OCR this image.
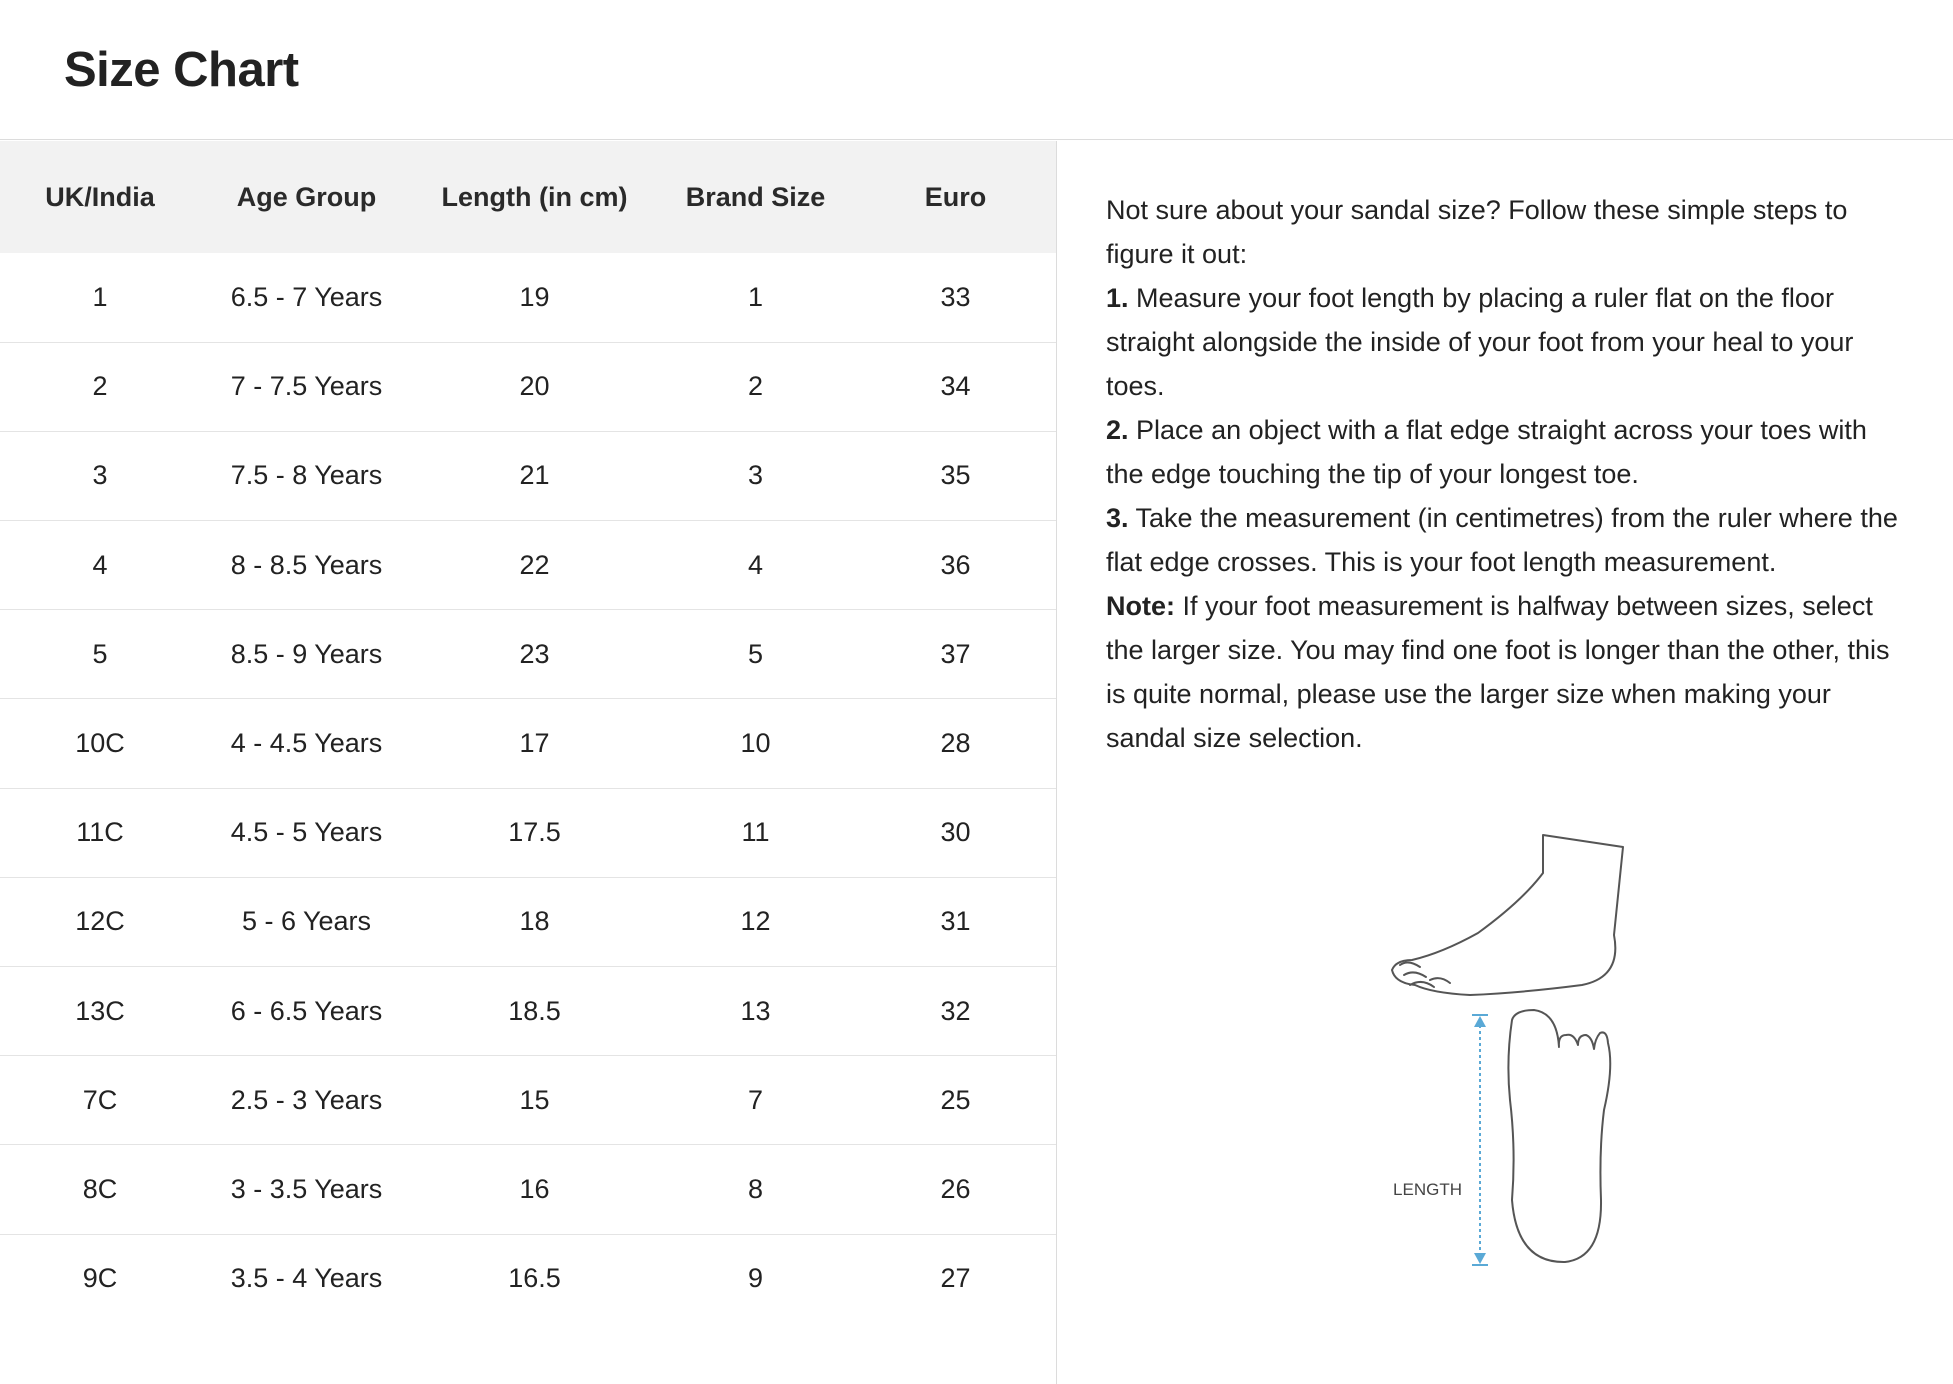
Size Chart
UK/India	Age Group	Length (in cm)	Brand Size	Euro
1	6.5 - 7 Years	19	1	33
2	7 - 7.5 Years	20	2	34
3	7.5 - 8 Years	21	3	35
4	8 - 8.5 Years	22	4	36
5	8.5 - 9 Years	23	5	37
10C	4 - 4.5 Years	17	10	28
11C	4.5 - 5 Years	17.5	11	30
12C	5 - 6 Years	18	12	31
13C	6 - 6.5 Years	18.5	13	32
7C	2.5 - 3 Years	15	7	25
8C	3 - 3.5 Years	16	8	26
9C	3.5 - 4 Years	16.5	9	27

Not sure about your sandal size? Follow these simple steps to figure it out:

1. Measure your foot length by placing a ruler flat on the floor straight alongside the inside of your foot from your heal to your toes.

2. Place an object with a flat edge straight across your toes with the edge touching the tip of your longest toe.

3. Take the measurement (in centimetres) from the ruler where the flat edge crosses. This is your foot length measurement.

Note: If your foot measurement is halfway between sizes, select the larger size. You may find one foot is longer than the other, this is quite normal, please use the larger size when making your sandal size selection.

LENGTH
